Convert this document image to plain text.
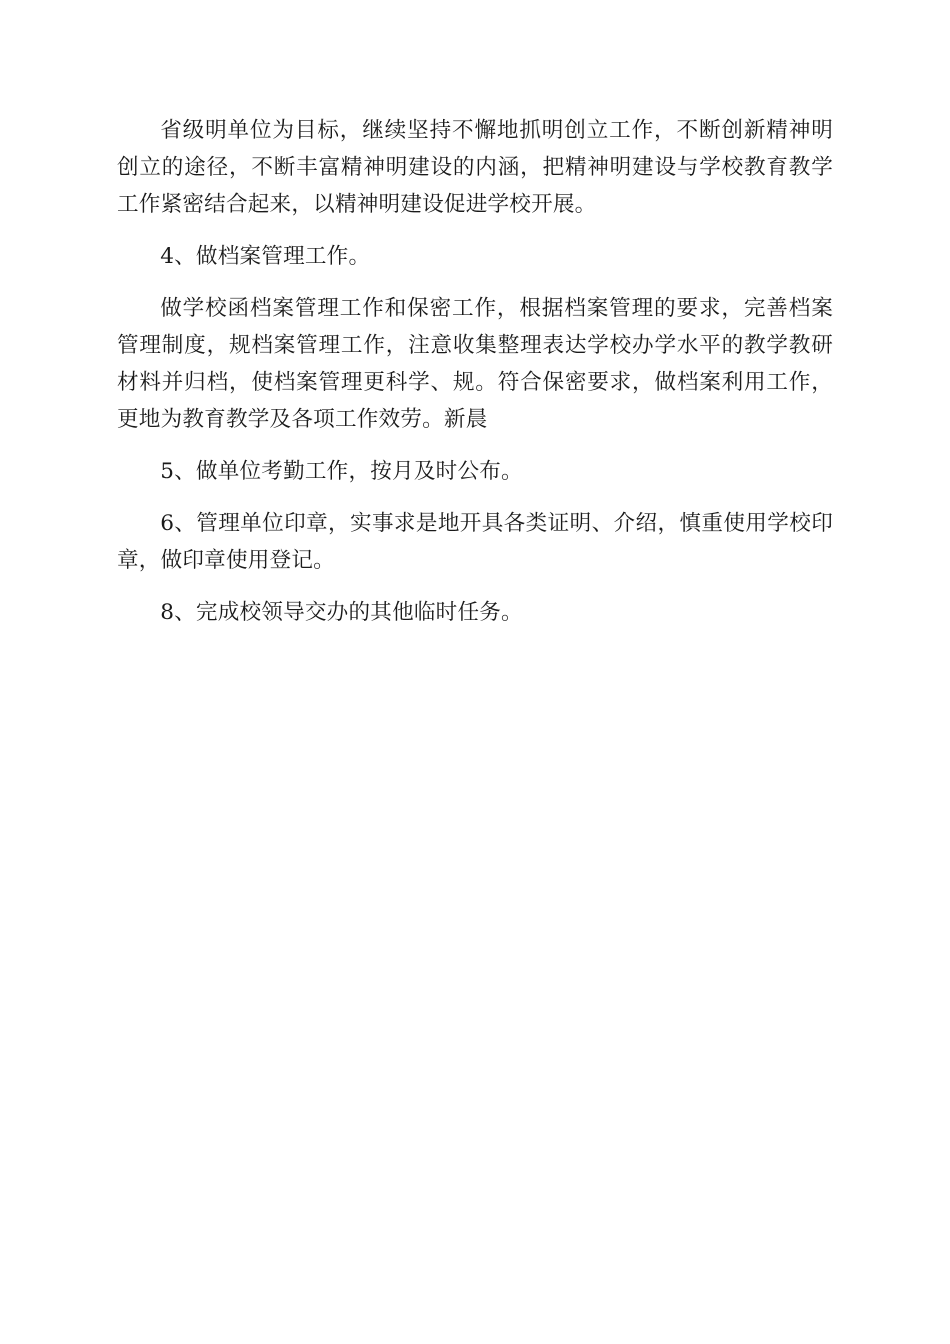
省级明单位为目标，继续坚持不懈地抓明创立工作，不断创新精神明创立的途径，不断丰富精神明建设的内涵，把精神明建设与学校教育教学工作紧密结合起来，以精神明建设促进学校开展。

4、做档案管理工作。

做学校函档案管理工作和保密工作，根据档案管理的要求，完善档案管理制度，规档案管理工作，注意收集整理表达学校办学水平的教学教研材料并归档，使档案管理更科学、规。符合保密要求，做档案利用工作，更地为教育教学及各项工作效劳。新晨

5、做单位考勤工作，按月及时公布。

6、管理单位印章，实事求是地开具各类证明、介绍，慎重使用学校印章，做印章使用登记。

8、完成校领导交办的其他临时任务。
